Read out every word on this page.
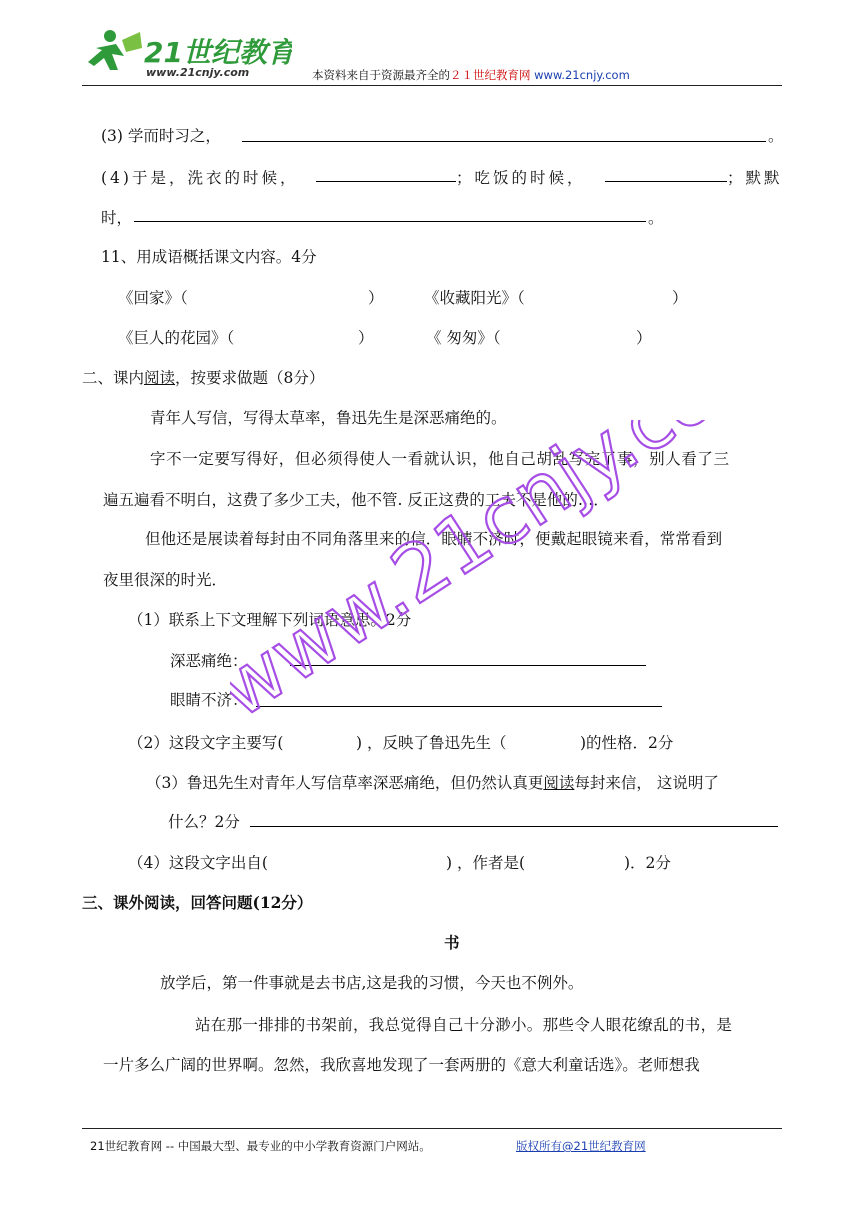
21世纪教育
www.21cnjy.com	本资料来自于资源最齐全的２１世纪教育网 www.21cnjy.com
(3) 学而时习之，	。
(4)于是，洗衣的时候，	；吃饭的时候，	；默默
时，	。
11、用成语概括课文内容。4分
《回家》（	）	《收藏阳光》（	）
《巨人的花园》（	）	《 匆匆》（	）
二、课内阅读，按要求做题（8分）
青年人写信，写得太草率，鲁迅先生是深恶痛绝的。
字不一定要写得好，但必须得使人一看就认识，他自己胡乱写完了事，别人看了三
遍五遍看不明白，这费了多少工夫，他不管. 反正这费的工夫不是他的…．
但他还是展读着每封由不同角落里来的信．眼睛不济时，便戴起眼镜来看，常常看到
夜里很深的时光．
（1）联系上下文理解下列词语意思。2分
深恶痛绝：
眼睛不济：
（2）这段文字主要写(	) ，反映了鲁迅先生（	)的性格．2分
（3）鲁迅先生对青年人写信草率深恶痛绝，但仍然认真更阅读每封来信， 这说明了
什么？2分
（4）这段文字出自(	) ，作者是(	)．2分
三、课外阅读，回答问题(12分）
书
放学后，第一件事就是去书店,这是我的习惯，今天也不例外。
站在那一排排的书架前，我总觉得自己十分渺小。那些令人眼花缭乱的书，是
一片多么广阔的世界啊。忽然，我欣喜地发现了一套两册的《意大利童话选》。老师想我
www.21cnjy.com
21世纪教育网 -- 中国最大型、最专业的中小学教育资源门户网站。	版权所有@21世纪教育网
